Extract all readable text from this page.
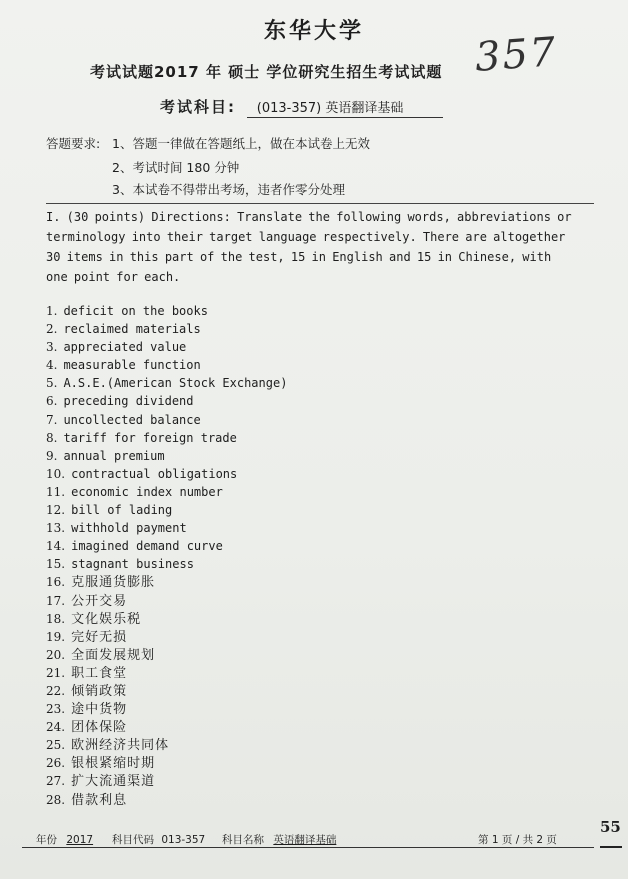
357
东华大学
考试试题2017 年 硕士 学位研究生招生考试试题
考试科目: (013-357) 英语翻译基础
答题要求: 1、答题一律做在答题纸上，做在本试卷上无效
2、考试时间 180 分钟
3、本试卷不得带出考场，违者作零分处理
I. (30 points) Directions: Translate the following words, abbreviations or terminology into their target language respectively. There are altogether 30 items in this part of the test, 15 in English and 15 in Chinese, with one point for each.
1. deficit on the books
2. reclaimed materials
3. appreciated value
4. measurable function
5. A.S.E.(American Stock Exchange)
6. preceding dividend
7. uncollected balance
8. tariff for foreign trade
9. annual premium
10. contractual obligations
11. economic index number
12. bill of lading
13. withhold payment
14. imagined demand curve
15. stagnant business
16. 克服通货膨胀
17. 公开交易
18. 文化娱乐税
19. 完好无损
20. 全面发展规划
21. 职工食堂
22. 倾销政策
23. 途中货物
24. 团体保险
25. 欧洲经济共同体
26. 银根紧缩时期
27. 扩大流通渠道
28. 借款利息
年份 2017 科目代码 013-357 科目名称 英语翻译基础	第 1 页 / 共 2 页
55
